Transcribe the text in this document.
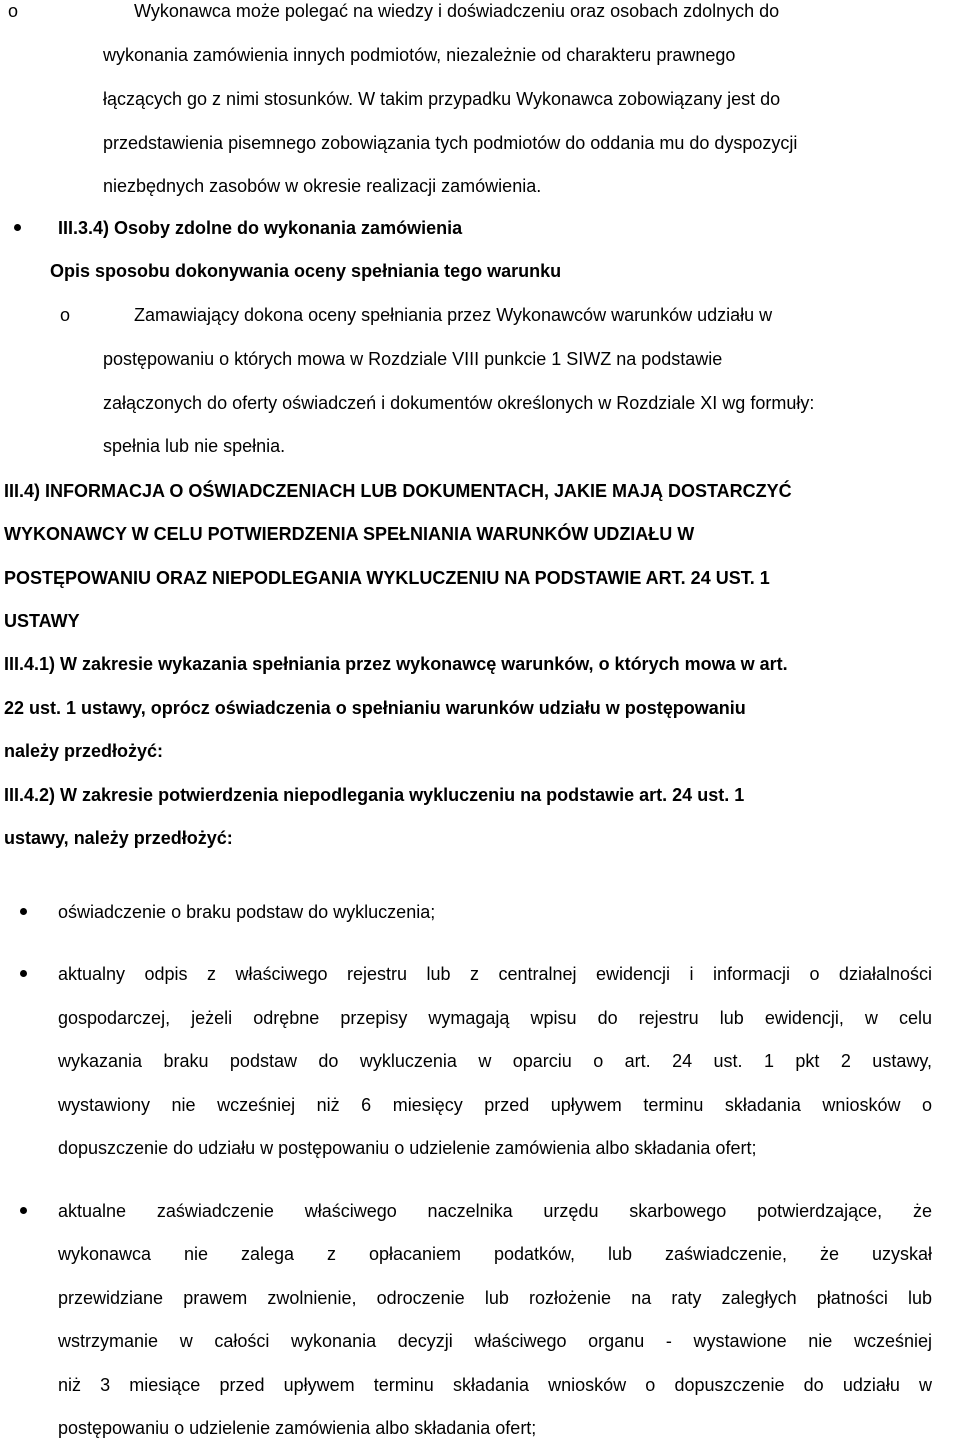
o	Wykonawca może polegać na wiedzy i doświadczeniu oraz osobach zdolnych do
wykonania zamówienia innych podmiotów, niezależnie od charakteru prawnego
łączących go z nimi stosunków. W takim przypadku Wykonawca zobowiązany jest do
przedstawienia pisemnego zobowiązania tych podmiotów do oddania mu do dyspozycji
niezbędnych zasobów w okresie realizacji zamówienia.
III.3.4) Osoby zdolne do wykonania zamówienia
Opis sposobu dokonywania oceny spełniania tego warunku
o	Zamawiający dokona oceny spełniania przez Wykonawców warunków udziału w
postępowaniu o których mowa w Rozdziale VIII punkcie 1 SIWZ na podstawie
załączonych do oferty oświadczeń i dokumentów określonych w Rozdziale XI wg formuły:
spełnia lub nie spełnia.
III.4) INFORMACJA O OŚWIADCZENIACH LUB DOKUMENTACH, JAKIE MAJĄ DOSTARCZYĆ
WYKONAWCY W CELU POTWIERDZENIA SPEŁNIANIA WARUNKÓW UDZIAŁU W
POSTĘPOWANIU ORAZ NIEPODLEGANIA WYKLUCZENIU NA PODSTAWIE ART. 24 UST. 1
USTAWY
III.4.1) W zakresie wykazania spełniania przez wykonawcę warunków, o których mowa w art.
22 ust. 1 ustawy, oprócz oświadczenia o spełnianiu warunków udziału w postępowaniu
należy przedłożyć:
III.4.2) W zakresie potwierdzenia niepodlegania wykluczeniu na podstawie art. 24 ust. 1
ustawy, należy przedłożyć:
oświadczenie o braku podstaw do wykluczenia;
aktualny odpis z właściwego rejestru lub z centralnej ewidencji i informacji o działalności
gospodarczej, jeżeli odrębne przepisy wymagają wpisu do rejestru lub ewidencji, w celu
wykazania braku podstaw do wykluczenia w oparciu o art. 24 ust. 1 pkt 2 ustawy,
wystawiony nie wcześniej niż 6 miesięcy przed upływem terminu składania wniosków o
dopuszczenie do udziału w postępowaniu o udzielenie zamówienia albo składania ofert;
aktualne zaświadczenie właściwego naczelnika urzędu skarbowego potwierdzające, że
wykonawca nie zalega z opłacaniem podatków, lub zaświadczenie, że uzyskał
przewidziane prawem zwolnienie, odroczenie lub rozłożenie na raty zaległych płatności lub
wstrzymanie w całości wykonania decyzji właściwego organu - wystawione nie wcześniej
niż 3 miesiące przed upływem terminu składania wniosków o dopuszczenie do udziału w
postępowaniu o udzielenie zamówienia albo składania ofert;
